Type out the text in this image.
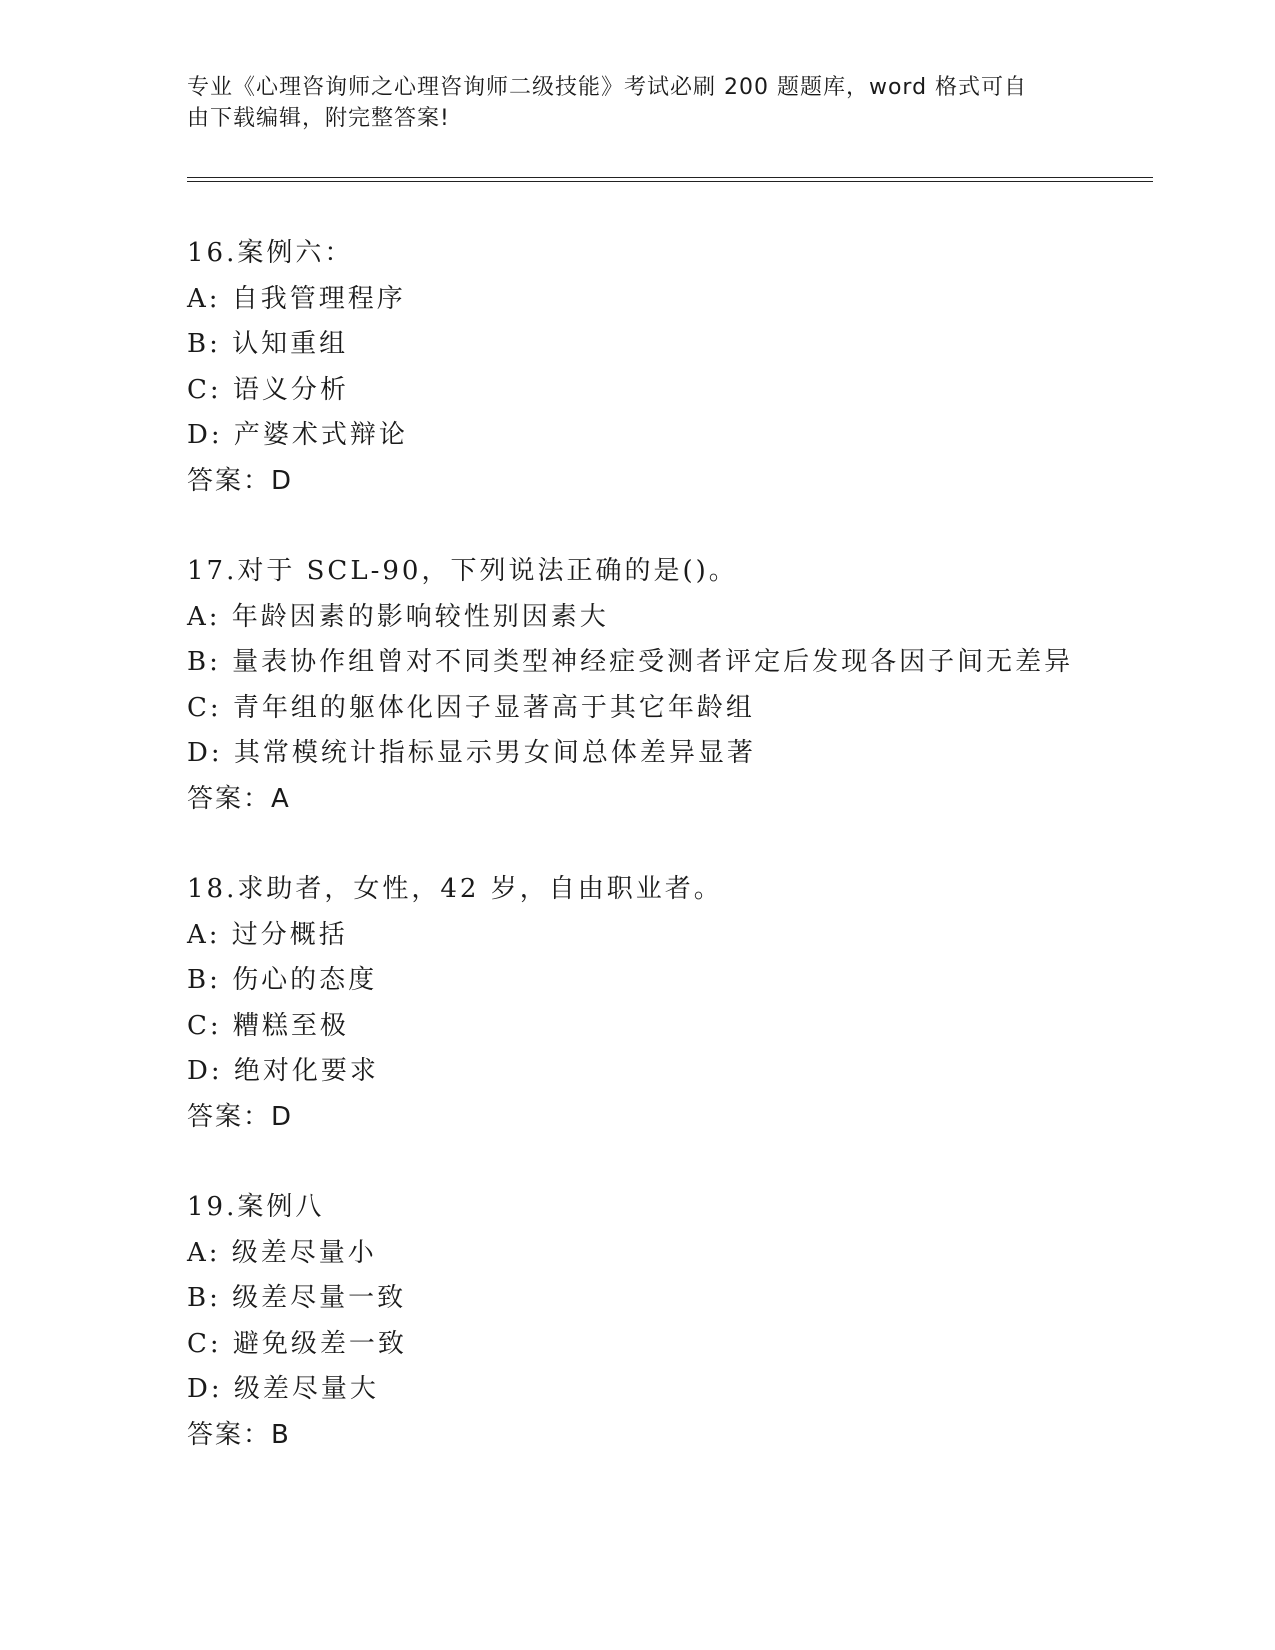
专业《心理咨询师之心理咨询师二级技能》考试必刷 200 题题库，word 格式可自
由下载编辑，附完整答案!
16.案例六：
A: 自我管理程序
B: 认知重组
C: 语义分析
D: 产婆术式辩论
答案：D
17.对于 SCL-90，下列说法正确的是()。
A: 年龄因素的影响较性别因素大
B: 量表协作组曾对不同类型神经症受测者评定后发现各因子间无差异
C: 青年组的躯体化因子显著高于其它年龄组
D: 其常模统计指标显示男女间总体差异显著
答案：A
18.求助者，女性，42 岁，自由职业者。
A: 过分概括
B: 伤心的态度
C: 糟糕至极
D: 绝对化要求
答案：D
19.案例八
A: 级差尽量小
B: 级差尽量一致
C: 避免级差一致
D: 级差尽量大
答案：B
